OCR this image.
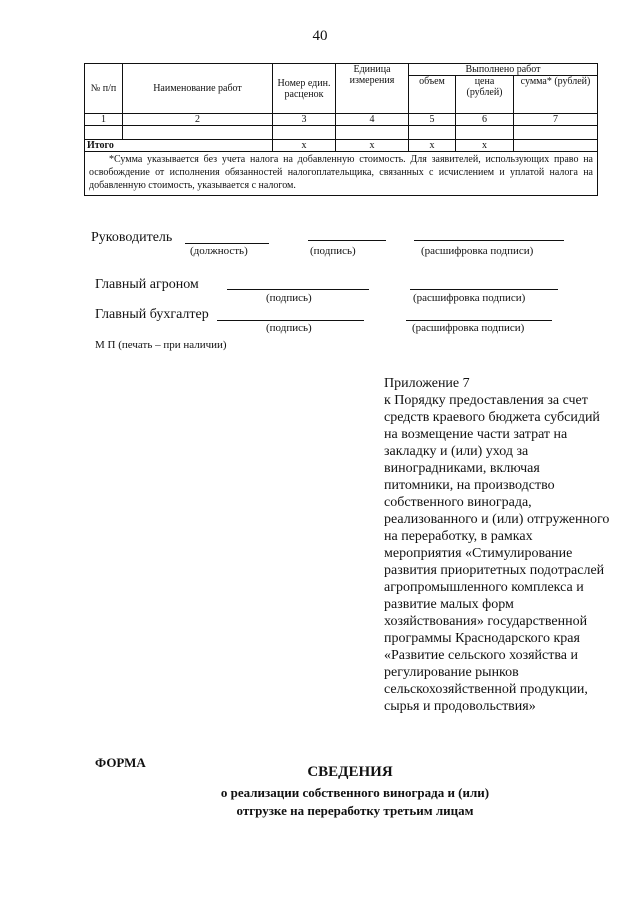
40
№ п/п	Наименование работ	Номер един. расценок	Единица измерения	Выполнено работ		
				объем	цена (рублей)	сумма* (рублей)
1	2	3	4	5	6	7

Итого		x	x	x	x	
*Сумма указывается без учета налога на добавленную стоимость. Для заявителей, использующих право на освобождение от исполнения обязанностей налогоплательщика, связанных с исчислением и уплатой налога на добавленную стоимость, указывается с налогом.						
Руководитель
(должность)	(подпись)	(расшифровка подписи)
Главный агроном
(подпись)	(расшифровка подписи)
Главный бухгалтер
(подпись)	(расшифровка подписи)
М П (печать – при наличии)
Приложение 7
к Порядку предоставления за счет средств краевого бюджета субсидий на возмещение части затрат на закладку и (или) уход за виноградниками, включая питомники, на производство собственного винограда, реализованного и (или) отгруженного на переработку, в рамках мероприятия «Стимулирование развития приоритетных подотраслей агропромышленного комплекса и развитие малых форм хозяйствования» государственной программы Краснодарского края «Развитие сельского хозяйства и регулирование рынков сельскохозяйственной продукции, сырья и продовольствия»
ФОРМА
СВЕДЕНИЯ
о реализации собственного винограда и (или)
отгрузке на переработку третьим лицам
